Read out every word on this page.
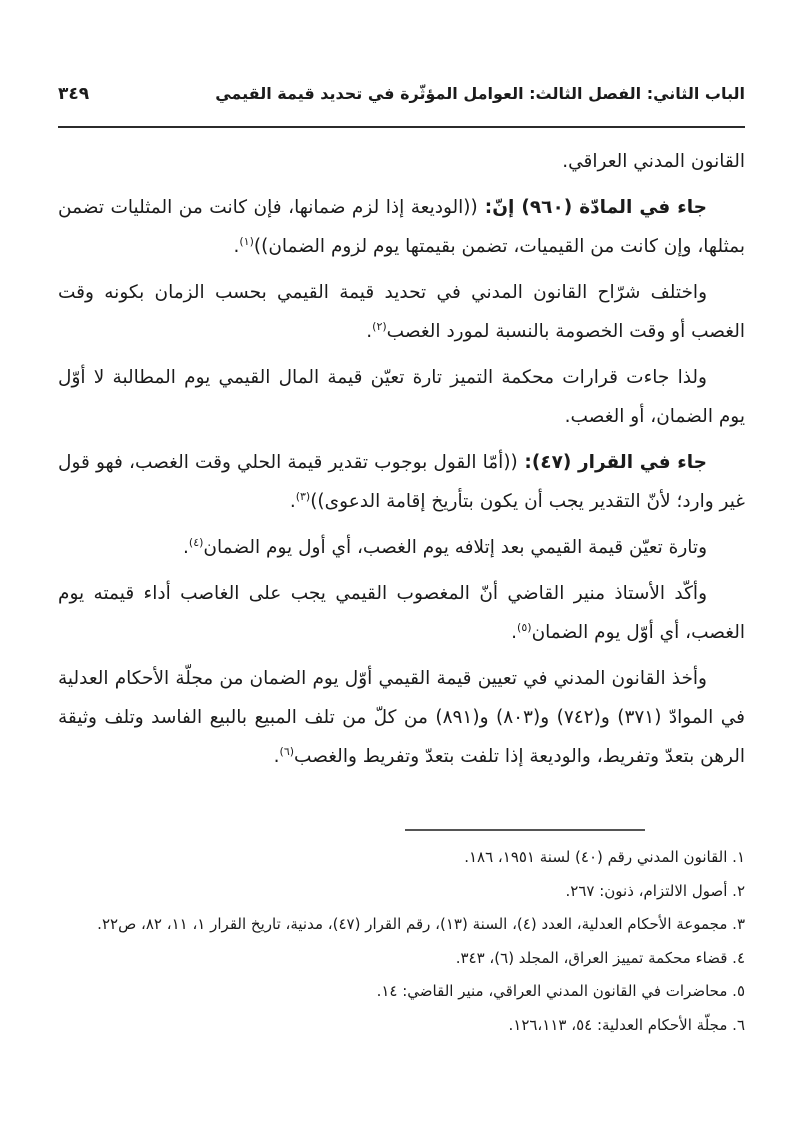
الباب الثاني: الفصل الثالث: العوامل المؤثّرة في تحديد قيمة القيمي
٣٤٩

القانون المدني العراقي.

جاء في المادّة (٩٦٠) إنّ: ((الوديعة إذا لزم ضمانها، فإن كانت من المثليات تضمن بمثلها، وإن كانت من القيميات، تضمن بقيمتها يوم لزوم الضمان))$^{(١)}$.

واختلف شرّاح القانون المدني في تحديد قيمة القيمي بحسب الزمان بكونه وقت الغصب أو وقت الخصومة بالنسبة لمورد الغصب$^{(٢)}$.

ولذا جاءت قرارات محكمة التميز تارة تعيّن قيمة المال القيمي يوم المطالبة لا أوّل يوم الضمان، أو الغصب.

جاء في القرار (٤٧): ((أمّا القول بوجوب تقدير قيمة الحلي وقت الغصب، فهو قول غير وارد؛ لأنّ التقدير يجب أن يكون بتأريخ إقامة الدعوى))$^{(٣)}$.

وتارة تعيّن قيمة القيمي بعد إتلافه يوم الغصب، أي أول يوم الضمان$^{(٤)}$.

وأكّد الأستاذ منير القاضي أنّ المغصوب القيمي يجب على الغاصب أداء قيمته يوم الغصب، أي أوّل يوم الضمان$^{(٥)}$.

وأخذ القانون المدني في تعيين قيمة القيمي أوّل يوم الضمان من مجلّة الأحكام العدلية في الموادّ (٣٧١) و(٧٤٢) و(٨٠٣) و(٨٩١) من كلّ من تلف المبيع بالبيع الفاسد وتلف وثيقة الرهن بتعدّ وتفريط، والوديعة إذا تلفت بتعدّ وتفريط والغصب$^{(٦)}$.

١. القانون المدني رقم (٤٠) لسنة ١٩٥١، ١٨٦.

٢. أصول الالتزام، ذنون: ٢٦٧.

٣. مجموعة الأحكام العدلية، العدد (٤)، السنة (١٣)، رقم القرار (٤٧)، مدنية، تاريخ القرار ١، ١١، ٨٢، ص٢٢.

٤. قضاء محكمة تمييز العراق، المجلد (٦)، ٣٤٣.

٥. محاضرات في القانون المدني العراقي، منير القاضي: ١٤.

٦. مجلّة الأحكام العدلية: ٥٤، ١٢٦،١١٣.
